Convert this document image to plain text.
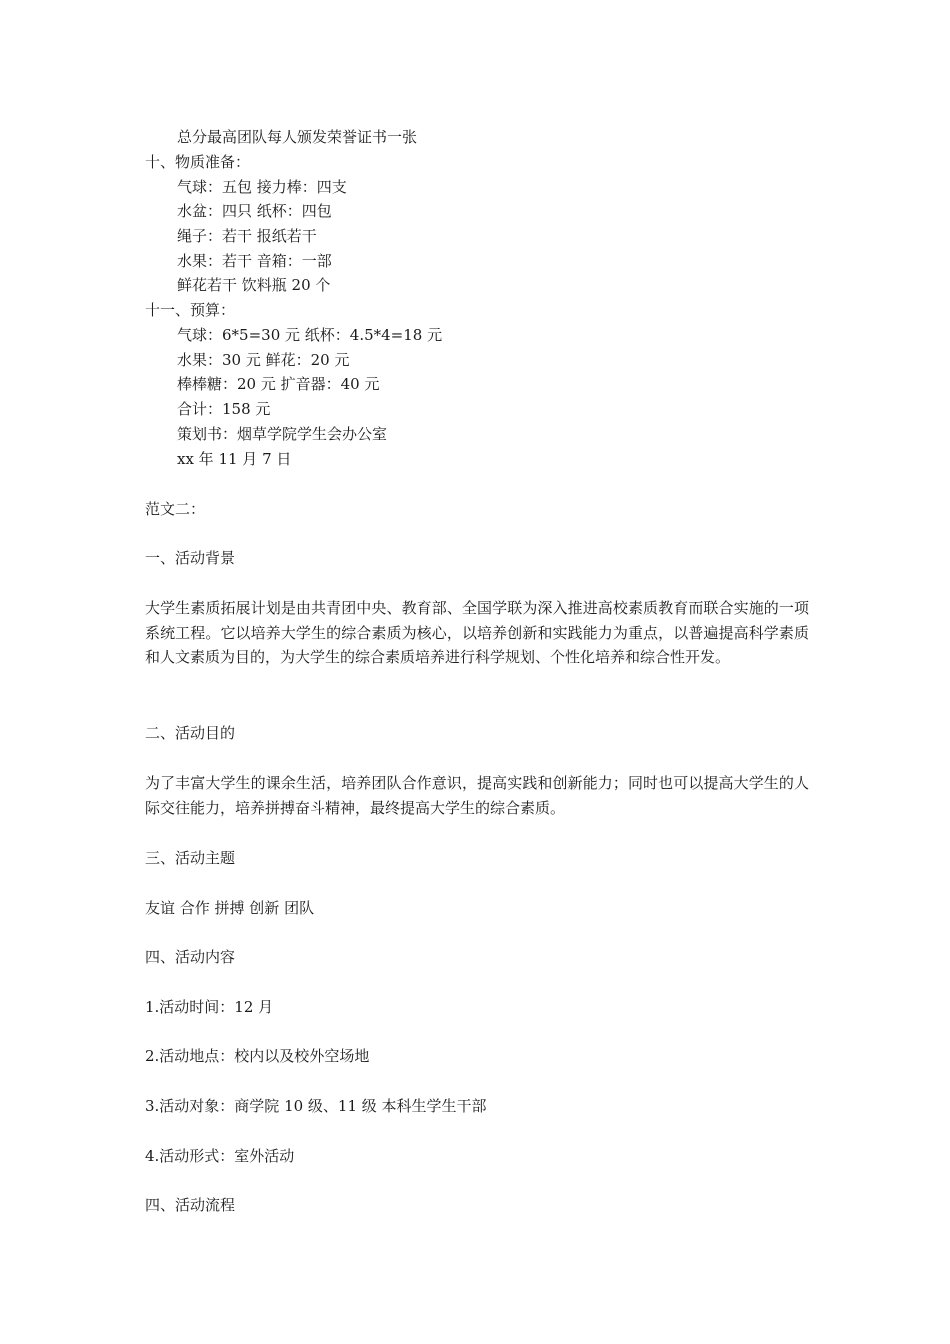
总分最高团队每人颁发荣誉证书一张
十、物质准备：
气球：五包 接力棒：四支
水盆：四只 纸杯：四包
绳子：若干 报纸若干
水果：若干 音箱：一部
鲜花若干 饮料瓶 20 个
十一、预算：
气球：6*5=30 元 纸杯：4.5*4=18 元
水果：30 元 鲜花：20 元
棒棒糖：20 元 扩音器：40 元
合计：158 元
策划书：烟草学院学生会办公室
xx 年 11 月 7 日
范文二：
一、活动背景
大学生素质拓展计划是由共青团中央、教育部、全国学联为深入推进高校素质教育而联合实施的一项系统工程。它以培养大学生的综合素质为核心，以培养创新和实践能力为重点，以普遍提高科学素质和人文素质为目的，为大学生的综合素质培养进行科学规划、个性化培养和综合性开发。
二、活动目的
为了丰富大学生的课余生活，培养团队合作意识，提高实践和创新能力；同时也可以提高大学生的人际交往能力，培养拼搏奋斗精神，最终提高大学生的综合素质。
三、活动主题
友谊 合作 拼搏 创新 团队
四、活动内容
1.活动时间：12 月
2.活动地点：校内以及校外空场地
3.活动对象：商学院 10 级、11 级 本科生学生干部
4.活动形式：室外活动
四、活动流程
